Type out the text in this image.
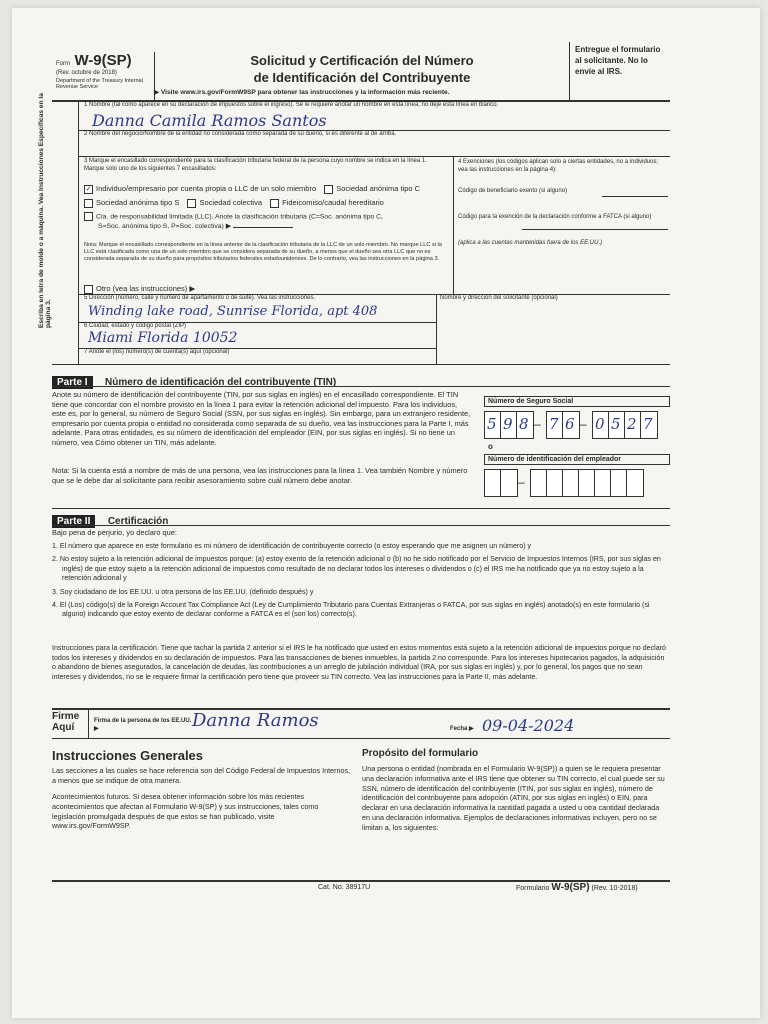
Form W-9(SP)
(Rev. octubre de 2018)
Department of the Treasury Internal Revenue Service
Solicitud y Certificación del Número
de Identificación del Contribuyente
▶ Visite www.irs.gov/FormW9SP para obtener las instrucciones y la información más reciente.
Entregue el formulario al solicitante. No lo envíe al IRS.
Escriba en letra de molde o a máquina. Vea Instrucciones Específicas en la página 3.
1 Nombre (tal como aparece en su declaración de impuestos sobre el ingreso). Se le requiere anotar un nombre en esta línea; no deje esta línea en blanco.
Danna Camila Ramos Santos
2 Nombre del negocio/Nombre de la entidad no considerada como separada de su dueño, si es diferente al de arriba.
3 Marque el encasillado correspondiente para la clasificación tributaria federal de la persona cuyo nombre se indica en la línea 1. Marque solo uno de los siguientes 7 encasillados:
✓ Individuo/empresario por cuenta propia o LLC de un solo miembro	Sociedad anónima tipo C
Sociedad anónima tipo S	Sociedad colectiva	Fideicomiso/caudal hereditario
Cía. de responsabilidad limitada (LLC). Anote la clasificación tributaria (C=Soc. anónima tipo C,
S=Soc. anónima tipo S, P=Soc. colectiva) ▶
Nota: Marque el encasillado correspondiente en la línea anterior de la clasificación tributaria de la LLC de un solo miembro. No marque LLC si la LLC está clasificada como una de un solo miembro que se considera separada de su dueño, a menos que el dueño sea otra LLC que no es considerada separada de su dueño para propósitos tributarios federales estadounidenses. De lo contrario, vea las instrucciones en la página 3.
Otro (vea las instrucciones) ▶
4 Exenciones (los códigos aplican solo a ciertas entidades, no a individuos; vea las instrucciones en la página 4):
Código de beneficiario exento (si alguno)
Código para la exención de la declaración conforme a FATCA (si alguno)
(aplica a las cuentas mantenidas fuera de los EE.UU.)
5 Dirección (número, calle y número de apartamento o de suite). Vea las instrucciones.
Winding lake road, Sunrise Florida, apt 408
Nombre y dirección del solicitante (opcional)
6 Ciudad, estado y código postal (ZIP)
Miami Florida 10052
7 Anote el (los) número(s) de cuenta(s) aquí (opcional)
Parte I Número de identificación del contribuyente (TIN)
Anote su número de identificación del contribuyente (TIN, por sus siglas en inglés) en el encasillado correspondiente. El TIN tiene que concordar con el nombre provisto en la línea 1 para evitar la retención adicional del impuesto. Para los individuos, este es, por lo general, su número de Seguro Social (SSN, por sus siglas en inglés). Sin embargo, para un extranjero residente, empresario por cuenta propia o entidad no considerada como separada de su dueño, vea las instrucciones para la Parte I, más adelante. Para otras entidades, es su número de identificación del empleador (EIN, por sus siglas en inglés). Si no tiene un número, vea Cómo obtener un TIN, más adelante.
Nota: Si la cuenta está a nombre de más de una persona, vea las instrucciones para la línea 1. Vea también Nombre y número que se le debe dar al solicitante para recibir asesoramiento sobre cuál número debe anotar.
Número de Seguro Social
5 9 8 – 7 6 – 0 5 2 7
o
Número de identificación del empleador
–
Parte II Certificación
Bajo pena de perjurio, yo declaro que:
1. El número que aparece en este formulario es mi número de identificación de contribuyente correcto (o estoy esperando que me asignen un número) y
2. No estoy sujeto a la retención adicional de impuestos porque: (a) estoy exento de la retención adicional o (b) no he sido notificado por el Servicio de Impuestos Internos (IRS, por sus siglas en inglés) de que estoy sujeto a la retención adicional de impuestos como resultado de no declarar todos los intereses o dividendos o (c) el IRS me ha notificado que ya no estoy sujeto a la retención adicional y
3. Soy ciudadano de los EE.UU. u otra persona de los EE.UU. (definido después) y
4. El (Los) código(s) de la Foreign Account Tax Compliance Act (Ley de Cumplimiento Tributario para Cuentas Extranjeras o FATCA, por sus siglas en inglés) anotado(s) en este formulario (si alguno) indicando que estoy exento de declarar conforme a FATCA es el (son los) correcto(s).
Instrucciones para la certificación. Tiene que tachar la partida 2 anterior si el IRS le ha notificado que usted en estos momentos está sujeto a la retención adicional de impuestos porque no declaró todos los intereses y dividendos en su declaración de impuestos. Para las transacciones de bienes inmuebles, la partida 2 no corresponde. Para los intereses hipotecarios pagados, la adquisición o abandono de bienes asegurados, la cancelación de deudas, las contribuciones a un arreglo de jubilación individual (IRA, por sus siglas en inglés) y, por lo general, los pagos que no sean intereses y dividendos, no se le requiere firmar la certificación pero tiene que proveer su TIN correcto. Vea las instrucciones para la Parte II, más adelante.
Firme Aquí
Firma de la persona de los EE.UU. ▶	Danna Ramos	Fecha ▶ 09-04-2024
Instrucciones Generales
Las secciones a las cuales se hace referencia son del Código Federal de Impuestos Internos, a menos que se indique de otra manera.
Acontecimientos futuros. Si desea obtener información sobre los más recientes acontecimientos que afectan al Formulario W-9(SP) y sus instrucciones, tales como legislación promulgada después de que estos se han publicado, visite www.irs.gov/FormW9SP.
Propósito del formulario
Una persona o entidad (nombrada en el Formulario W-9(SP)) a quien se le requiera presentar una declaración informativa ante el IRS tiene que obtener su TIN correcto, el cual puede ser su SSN, número de identificación del contribuyente (ITIN, por sus siglas en inglés), número de identificación del contribuyente para adopción (ATIN, por sus siglas en inglés) o EIN, para declarar en una declaración informativa la cantidad pagada a usted u otra cantidad declarada en una declaración informativa. Ejemplos de declaraciones informativas incluyen, pero no se limitan a, los siguientes:
Cat. No. 38917U	Formulario W-9(SP) (Rev. 10-2018)
